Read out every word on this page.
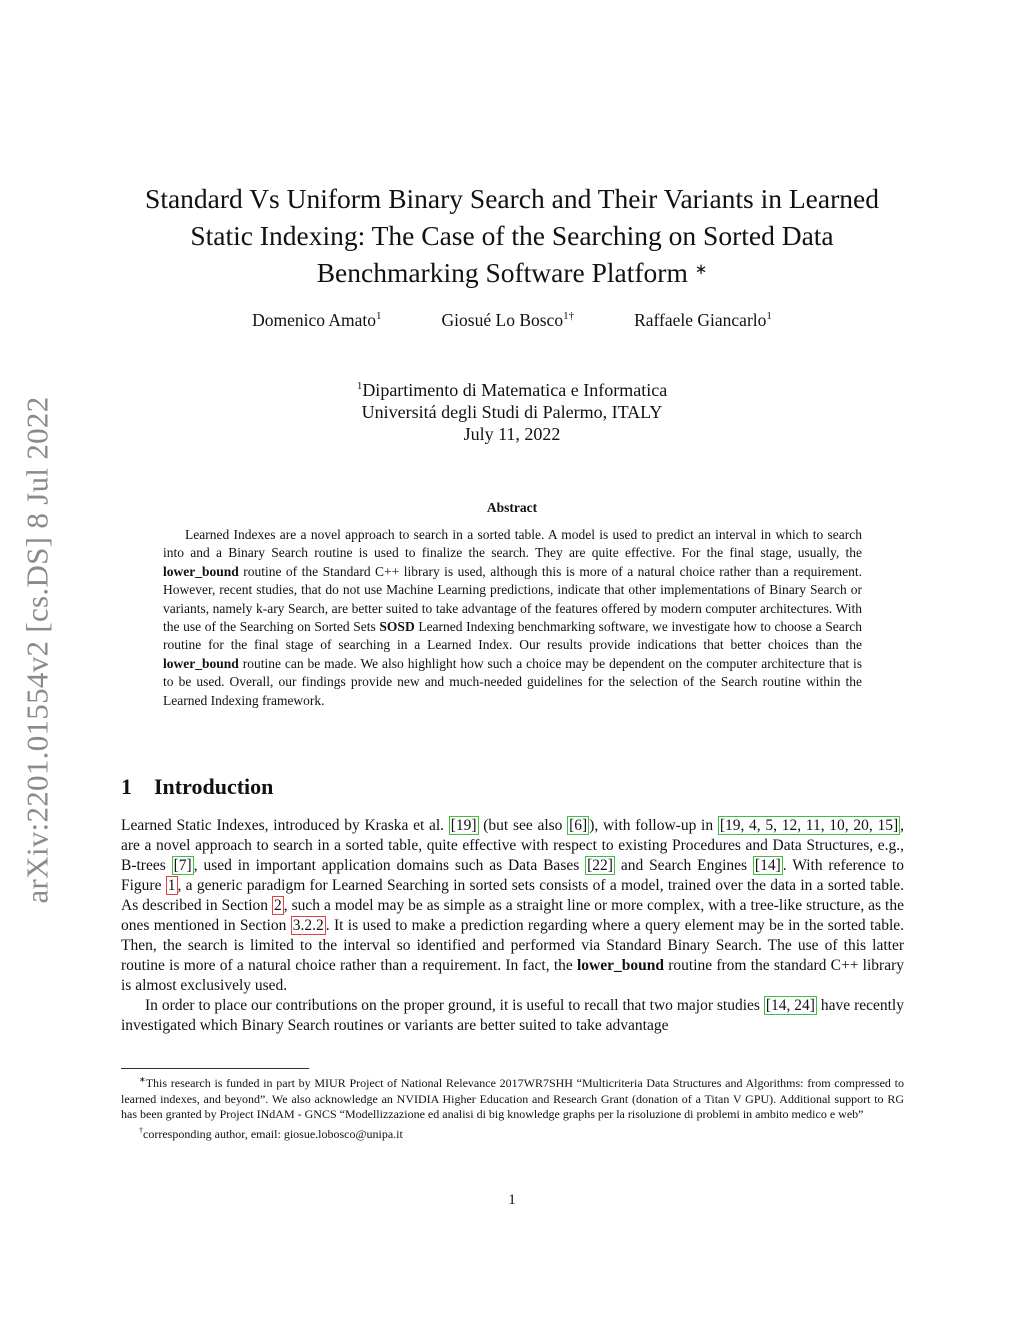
arXiv:2201.01554v2 [cs.DS] 8 Jul 2022
Standard Vs Uniform Binary Search and Their Variants in Learned
Static Indexing: The Case of the Searching on Sorted Data
Benchmarking Software Platform ∗
Domenico Amato$^1$	Giosué Lo Bosco$^{1\dagger}$	Raffaele Giancarlo$^1$
$^1$Dipartimento di Matematica e Informatica
Universitá degli Studi di Palermo, ITALY
July 11, 2022
Abstract

Learned Indexes are a novel approach to search in a sorted table. A model is used to predict an interval in which to search into and a Binary Search routine is used to finalize the search. They are quite effective. For the final stage, usually, the lower_bound routine of the Standard C++ library is used, although this is more of a natural choice rather than a requirement. However, recent studies, that do not use Machine Learning predictions, indicate that other implementations of Binary Search or variants, namely k-ary Search, are better suited to take advantage of the features offered by modern computer architectures. With the use of the Searching on Sorted Sets SOSD Learned Indexing benchmarking software, we investigate how to choose a Search routine for the final stage of searching in a Learned Index. Our results provide indications that better choices than the lower_bound routine can be made. We also highlight how such a choice may be dependent on the computer architecture that is to be used. Overall, our findings provide new and much-needed guidelines for the selection of the Search routine within the Learned Indexing framework.

1 Introduction

Learned Static Indexes, introduced by Kraska et al. [19] (but see also [6] ), with follow-up in [19, 4, 5, 12, 11, 10, 20, 15] , are a novel approach to search in a sorted table, quite effective with respect to existing Procedures and Data Structures, e.g., B-trees [7] , used in important application domains such as Data Bases [22] and Search Engines [14] . With reference to Figure 1 , a generic paradigm for Learned Searching in sorted sets consists of a model, trained over the data in a sorted table. As described in Section 2 , such a model may be as simple as a straight line or more complex, with a tree-like structure, as the ones mentioned in Section 3.2.2 . It is used to make a prediction regarding where a query element may be in the sorted table. Then, the search is limited to the interval so identified and performed via Standard Binary Search. The use of this latter routine is more of a natural choice rather than a requirement. In fact, the lower_bound routine from the standard C++ library is almost exclusively used.

In order to place our contributions on the proper ground, it is useful to recall that two major studies [14, 24] have recently investigated which Binary Search routines or variants are better suited to take advantage

∗This research is funded in part by MIUR Project of National Relevance 2017WR7SHH “Multicriteria Data Structures and Algorithms: from compressed to learned indexes, and beyond”. We also acknowledge an NVIDIA Higher Education and Research Grant (donation of a Titan V GPU). Additional support to RG has been granted by Project INdAM - GNCS “Modellizzazione ed analisi di big knowledge graphs per la risoluzione di problemi in ambito medico e web”

†corresponding author, email: giosue.lobosco@unipa.it

1
